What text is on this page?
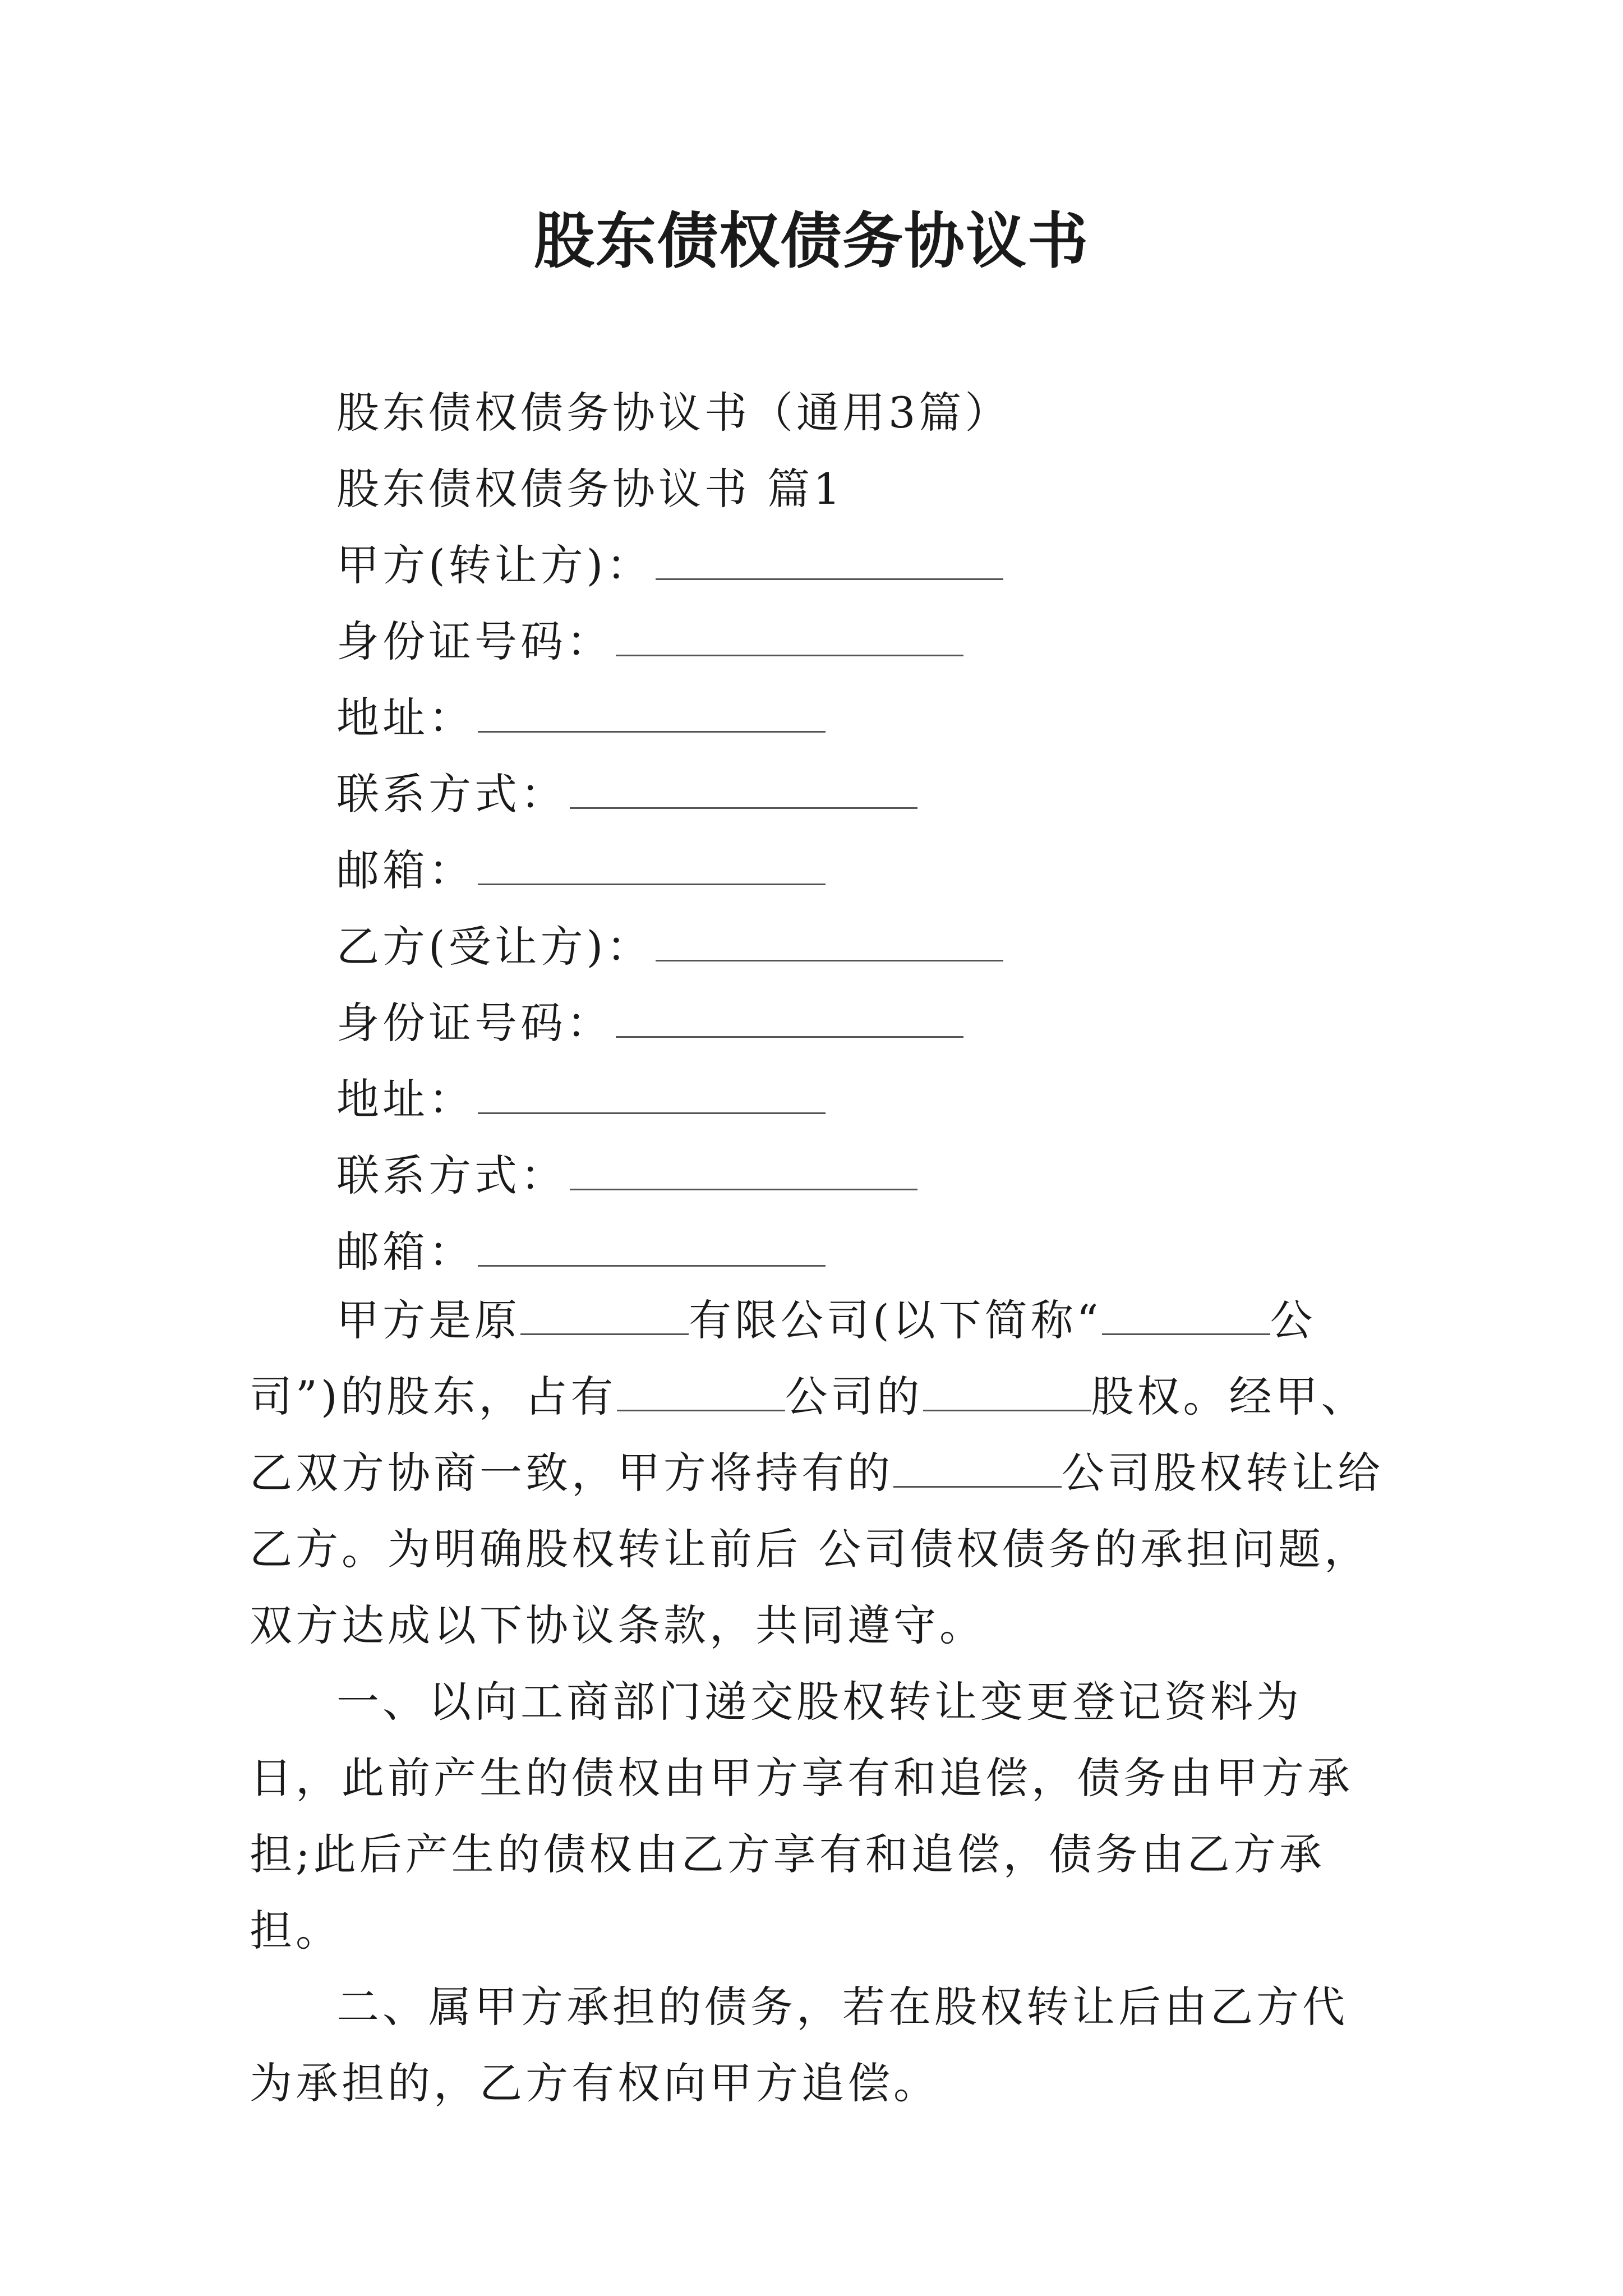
股东债权债务协议书
股东债权债务协议书（通用3篇）
股东债权债务协议书 篇1
甲方(转让方)：
身份证号码：
地址：
联系方式：
邮箱：
乙方(受让方)：
身份证号码：
地址：
联系方式：
邮箱：
甲方是原	有限公司(以下简称“	公司”)的股东，占有	公司的	股权。经甲、乙双方协商一致，甲方将持有的	公司股权转让给乙方。为明确股权转让前后 公司债权债务的承担问题，双方达成以下协议条款，共同遵守。
一、以向工商部门递交股权转让变更登记资料为日，此前产生的债权由甲方享有和追偿，债务由甲方承担;此后产生的债权由乙方享有和追偿，债务由乙方承担。
二、属甲方承担的债务，若在股权转让后由乙方代为承担的，乙方有权向甲方追偿。
